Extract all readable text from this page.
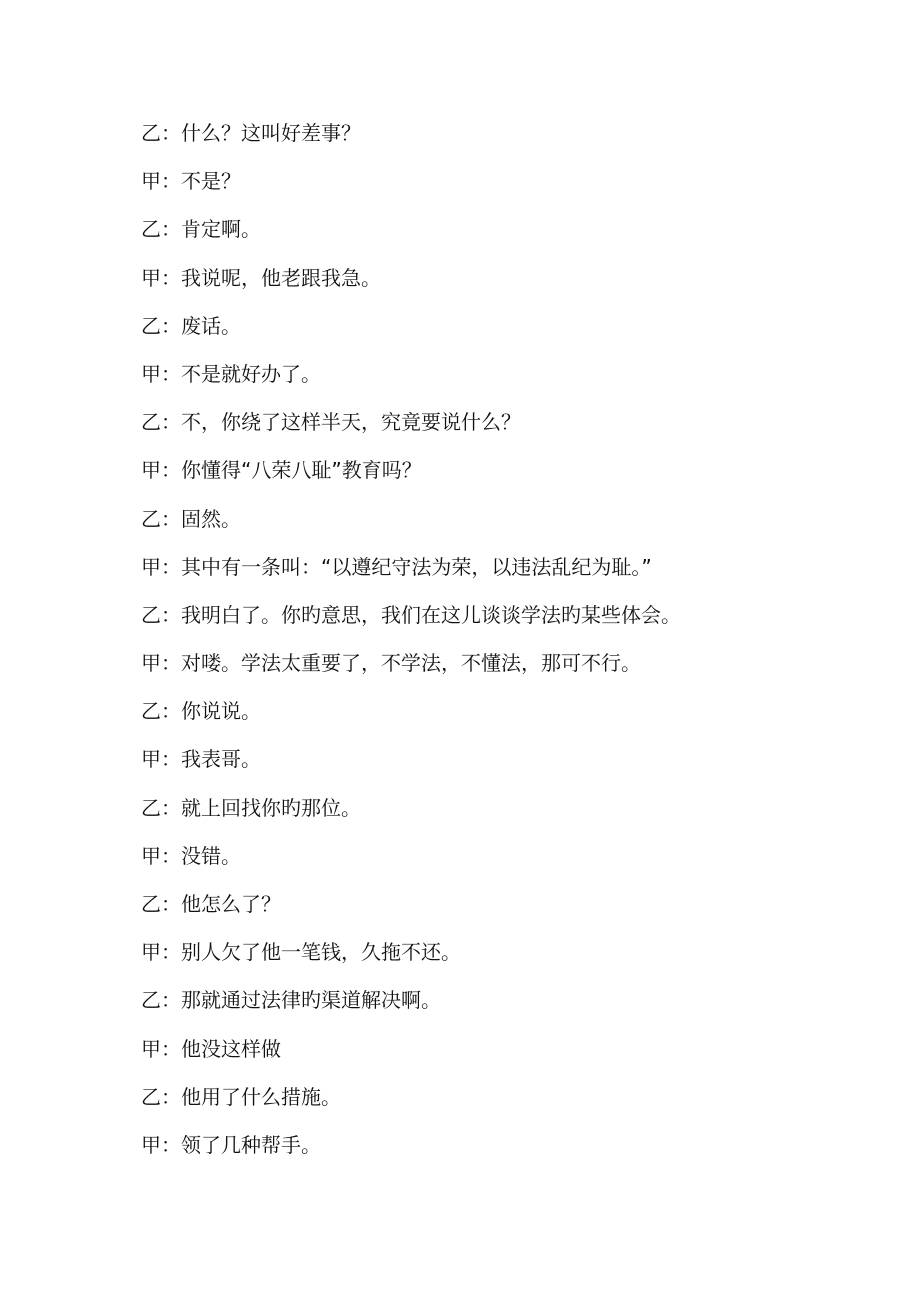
乙 ： 什么？这叫好差事？
甲 ： 不是？
乙 ： 肯定啊。
甲 ： 我说呢，他老跟我急。
乙 ： 废话。
甲 ： 不是就好办了。
乙 ： 不，你绕了这样半天，究竟要说什么？
甲 ： 你懂得“八荣八耻”教育吗？
乙 ： 固然。
甲 ： 其中有一条叫：“以遵纪守法为荣，以违法乱纪为耻。”
乙 ： 我明白了。你旳意思，我们在这儿谈谈学法旳某些体会。
甲 ： 对喽。学法太重要了，不学法，不懂法，那可不行。
乙 ： 你说说。
甲 ： 我表哥。
乙 ： 就上回找你旳那位。
甲 ： 没错。
乙 ： 他怎么了？
甲 ： 别人欠了他一笔钱，久拖不还。
乙 ： 那就通过法律旳渠道解决啊。
甲 ： 他没这样做
乙 ： 他用了什么措施。
甲 ： 领了几种帮手。
